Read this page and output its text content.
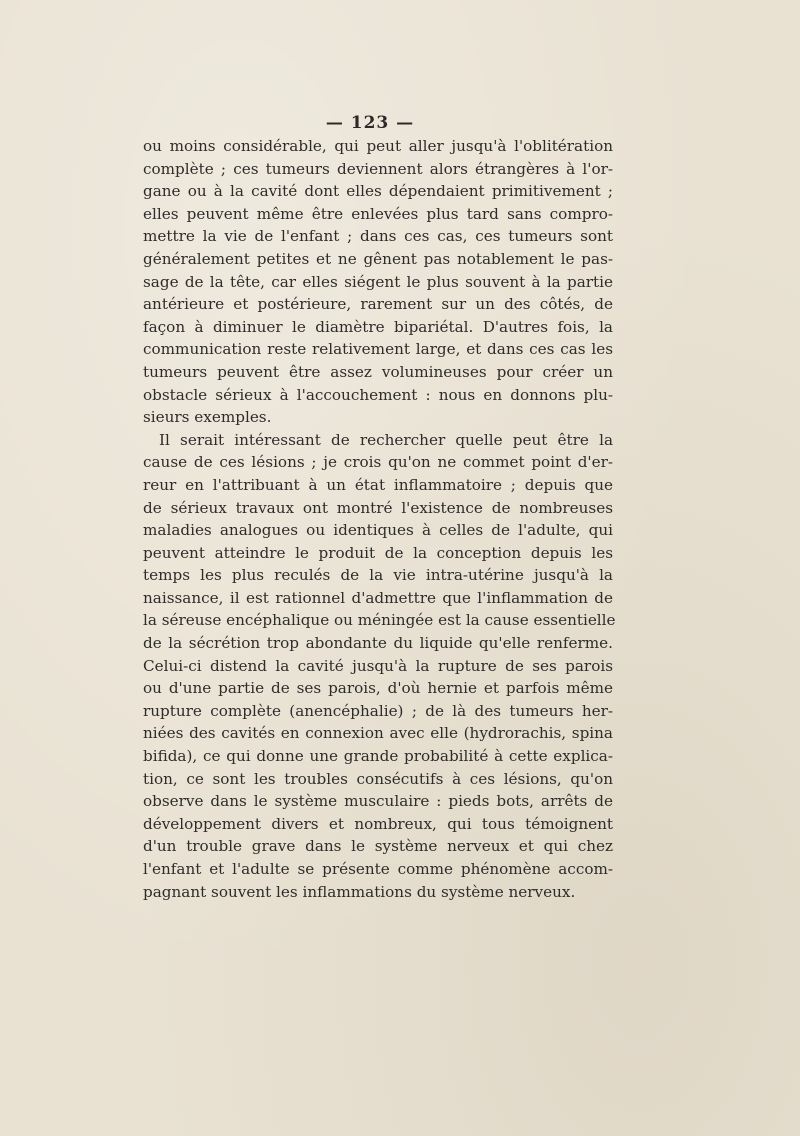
— 123 —
ou moins considérable, qui peut aller jusqu'à l'oblitération
complète ; ces tumeurs deviennent alors étrangères à l'or-
gane ou à la cavité dont elles dépendaient primitivement ;
elles peuvent même être enlevées plus tard sans compro-
mettre la vie de l'enfant ; dans ces cas, ces tumeurs sont
généralement petites et ne gênent pas notablement le pas-
sage de la tête, car elles siégent le plus souvent à la partie
antérieure et postérieure, rarement sur un des côtés, de
façon à diminuer le diamètre bipariétal. D'autres fois, la
communication reste relativement large, et dans ces cas les
tumeurs peuvent être assez volumineuses pour créer un
obstacle sérieux à l'accouchement : nous en donnons plu-
sieurs exemples.
Il serait intéressant de rechercher quelle peut être la
cause de ces lésions ; je crois qu'on ne commet point d'er-
reur en l'attribuant à un état inflammatoire ; depuis que
de sérieux travaux ont montré l'existence de nombreuses
maladies analogues ou identiques à celles de l'adulte, qui
peuvent atteindre le produit de la conception depuis les
temps les plus reculés de la vie intra-utérine jusqu'à la
naissance, il est rationnel d'admettre que l'inflammation de
la séreuse encéphalique ou méningée est la cause essentielle
de la sécrétion trop abondante du liquide qu'elle renferme.
Celui-ci distend la cavité jusqu'à la rupture de ses parois
ou d'une partie de ses parois, d'où hernie et parfois même
rupture complète (anencéphalie) ; de là des tumeurs her-
niées des cavités en connexion avec elle (hydrorachis, spina
bifida), ce qui donne une grande probabilité à cette explica-
tion, ce sont les troubles consécutifs à ces lésions, qu'on
observe dans le système musculaire : pieds bots, arrêts de
développement divers et nombreux, qui tous témoignent
d'un trouble grave dans le système nerveux et qui chez
l'enfant et l'adulte se présente comme phénomène accom-
pagnant souvent les inflammations du système nerveux.
